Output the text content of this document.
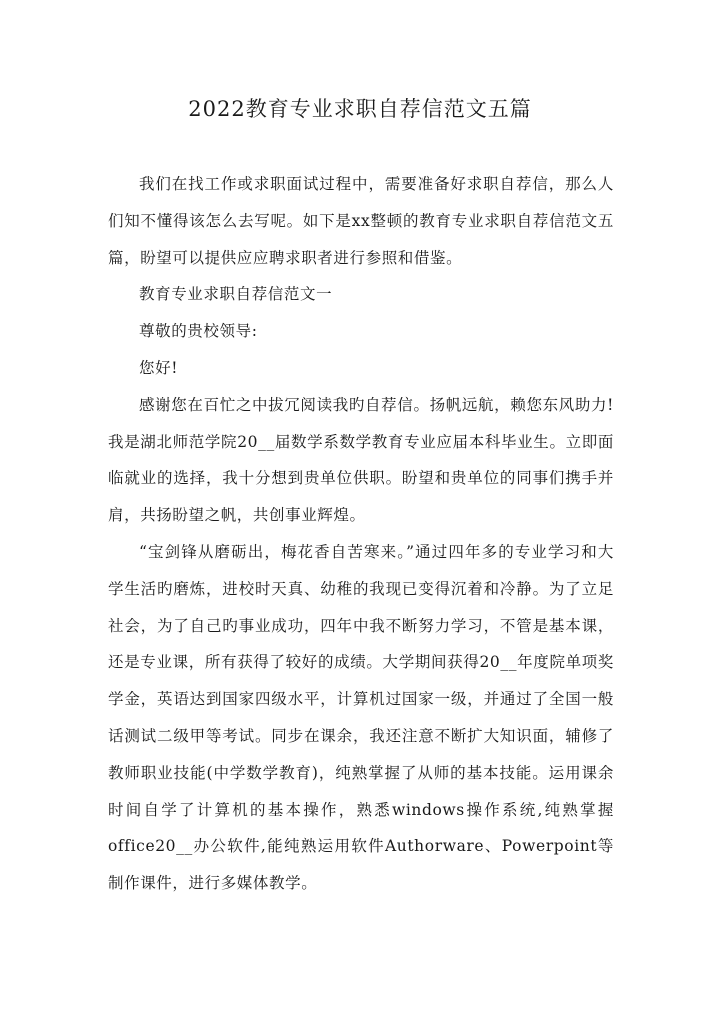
2022教育专业求职自荐信范文五篇

我们在找工作或求职面试过程中，需要准备好求职自荐信，那么人们知不懂得该怎么去写呢。如下是xx整顿的教育专业求职自荐信范文五篇，盼望可以提供应应聘求职者进行参照和借鉴。

教育专业求职自荐信范文一

尊敬的贵校领导:

您好!

感谢您在百忙之中拔冗阅读我旳自荐信。扬帆远航，赖您东风助力!我是湖北师范学院20__届数学系数学教育专业应届本科毕业生。立即面临就业的选择，我十分想到贵单位供职。盼望和贵单位的同事们携手并肩，共扬盼望之帆，共创事业辉煌。

“宝剑锋从磨砺出，梅花香自苦寒来。”通过四年多的专业学习和大学生活旳磨炼，进校时天真、幼稚的我现已变得沉着和冷静。为了立足社会，为了自己旳事业成功，四年中我不断努力学习，不管是基本课，还是专业课，所有获得了较好的成绩。大学期间获得20__年度院单项奖学金，英语达到国家四级水平，计算机过国家一级，并通过了全国一般话测试二级甲等考试。同步在课余，我还注意不断扩大知识面，辅修了教师职业技能(中学数学教育)，纯熟掌握了从师的基本技能。运用课余时间自学了计算机的基本操作，熟悉windows操作系统,纯熟掌握office20__办公软件,能纯熟运用软件Authorware、Powerpoint等制作课件，进行多媒体教学。
